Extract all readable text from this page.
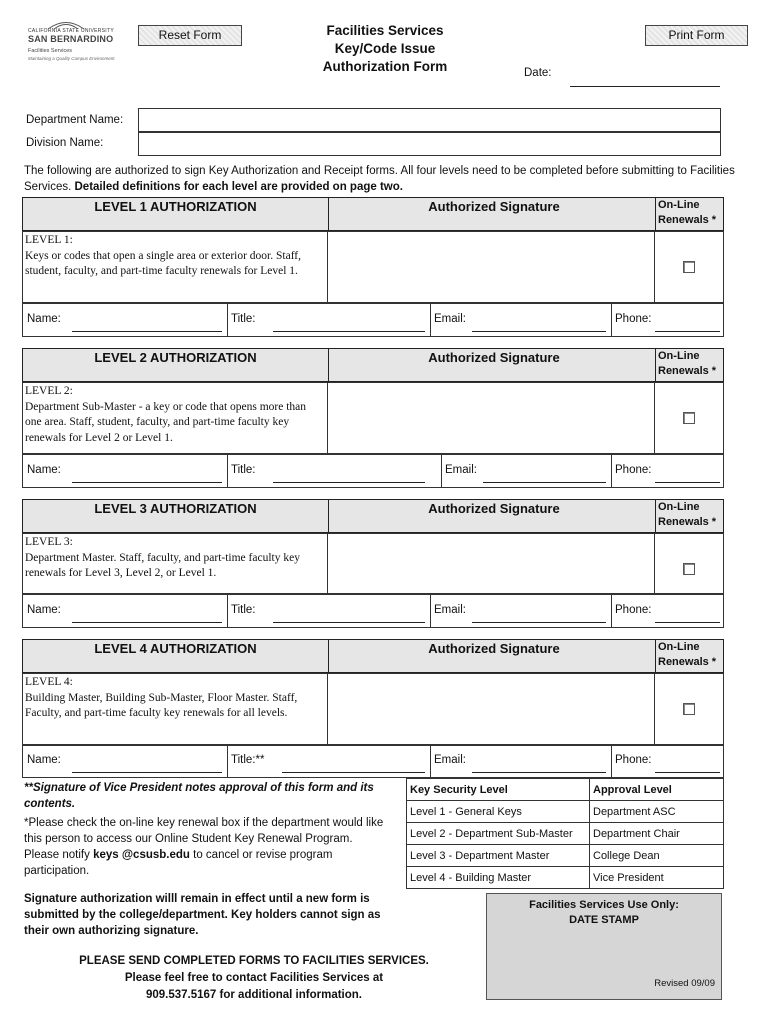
Reset Form	Print Form
CALIFORNIA STATE UNIVERSITY
SAN BERNARDINO
Facilities Services
Maintaining a Quality Campus Environment
Facilities Services
Key/Code Issue
Authorization Form	Date:
Department Name:
Division Name:
The following are authorized to sign Key Authorization and Receipt forms. All four levels need to be completed before submitting to Facilities Services. Detailed definitions for each level are provided on page two.
LEVEL 1 AUTHORIZATION	Authorized Signature	On-Line
Renewals *
LEVEL 1:
Keys or codes that open a single area or exterior door. Staff, student, faculty, and part-time faculty renewals for Level 1.
Name:	Title:	Email:	Phone:
LEVEL 2 AUTHORIZATION	Authorized Signature	On-Line
Renewals *
LEVEL 2:
Department Sub-Master - a key or code that opens more than one area. Staff, student, faculty, and part-time faculty key renewals for Level 2 or Level 1.
Name:	Title:	Email:	Phone:
LEVEL 3 AUTHORIZATION	Authorized Signature	On-Line
Renewals *
LEVEL 3:
Department Master. Staff, faculty, and part-time faculty key renewals for Level 3, Level 2, or Level 1.
Name:	Title:	Email:	Phone:
LEVEL 4 AUTHORIZATION	Authorized Signature	On-Line
Renewals *
LEVEL 4:
Building Master, Building Sub-Master, Floor Master. Staff, Faculty, and part-time faculty key renewals for all levels.
Name:	Title:**	Email:	Phone:
**Signature of Vice President notes approval of this form and its contents.
*Please check the on-line key renewal box if the department would like this person to access our Online Student Key Renewal Program. Please notify keys @csusb.edu to cancel or revise program participation.
Signature authorization willl remain in effect until a new form is submitted by the college/department. Key holders cannot sign as their own authorizing signature.
PLEASE SEND COMPLETED FORMS TO FACILITIES SERVICES.
Please feel free to contact Facilities Services at
909.537.5167 for additional information.
Key Security Level	Approval Level
Level 1 - General Keys	Department ASC
Level 2 - Department Sub-Master	Department Chair
Level 3 - Department Master	College Dean
Level 4 - Building Master	Vice President
Facilities Services Use Only:
DATE STAMP
Revised 09/09
